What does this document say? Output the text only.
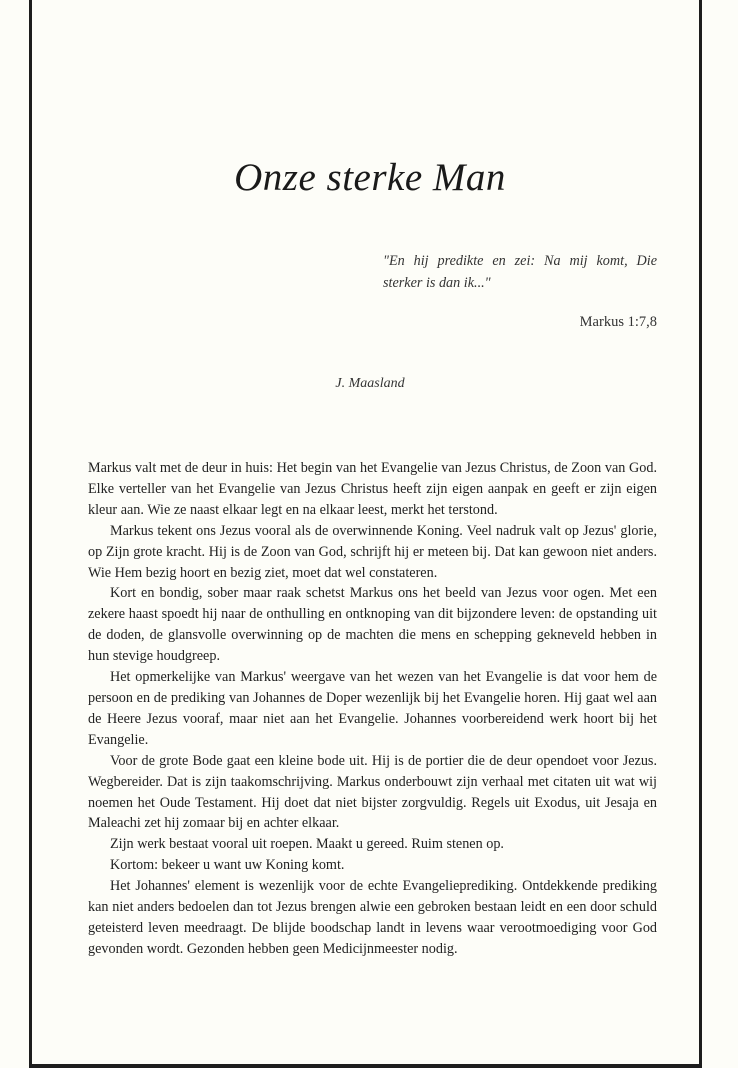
Onze sterke Man

"En hij predikte en zei: Na mij komt, Die sterker is dan ik..."

Markus 1:7,8

J. Maasland

Markus valt met de deur in huis: Het begin van het Evangelie van Jezus Christus, de Zoon van God. Elke verteller van het Evangelie van Jezus Christus heeft zijn eigen aanpak en geeft er zijn eigen kleur aan. Wie ze naast elkaar legt en na elkaar leest, merkt het terstond.

Markus tekent ons Jezus vooral als de overwinnende Koning. Veel nadruk valt op Jezus' glorie, op Zijn grote kracht. Hij is de Zoon van God, schrijft hij er meteen bij. Dat kan gewoon niet anders. Wie Hem bezig hoort en bezig ziet, moet dat wel constateren.

Kort en bondig, sober maar raak schetst Markus ons het beeld van Jezus voor ogen. Met een zekere haast spoedt hij naar de onthulling en ontknoping van dit bijzondere leven: de opstanding uit de doden, de glansvolle overwinning op de machten die mens en schepping gekneveld hebben in hun stevige houdgreep.

Het opmerkelijke van Markus' weergave van het wezen van het Evangelie is dat voor hem de persoon en de prediking van Johannes de Doper wezenlijk bij het Evangelie horen. Hij gaat wel aan de Heere Jezus vooraf, maar niet aan het Evangelie. Johannes voorbereidend werk hoort bij het Evangelie.

Voor de grote Bode gaat een kleine bode uit. Hij is de portier die de deur opendoet voor Jezus. Wegbereider. Dat is zijn taakomschrijving. Markus onderbouwt zijn verhaal met citaten uit wat wij noemen het Oude Testament. Hij doet dat niet bijster zorgvuldig. Regels uit Exodus, uit Jesaja en Maleachi zet hij zomaar bij en achter elkaar.

Zijn werk bestaat vooral uit roepen. Maakt u gereed. Ruim stenen op.

Kortom: bekeer u want uw Koning komt.

Het Johannes' element is wezenlijk voor de echte Evangelieprediking. Ontdekkende prediking kan niet anders bedoelen dan tot Jezus brengen alwie een gebroken bestaan leidt en een door schuld geteisterd leven meedraagt. De blijde boodschap landt in levens waar verootmoediging voor God gevonden wordt. Gezonden hebben geen Medicijnmeester nodig.
